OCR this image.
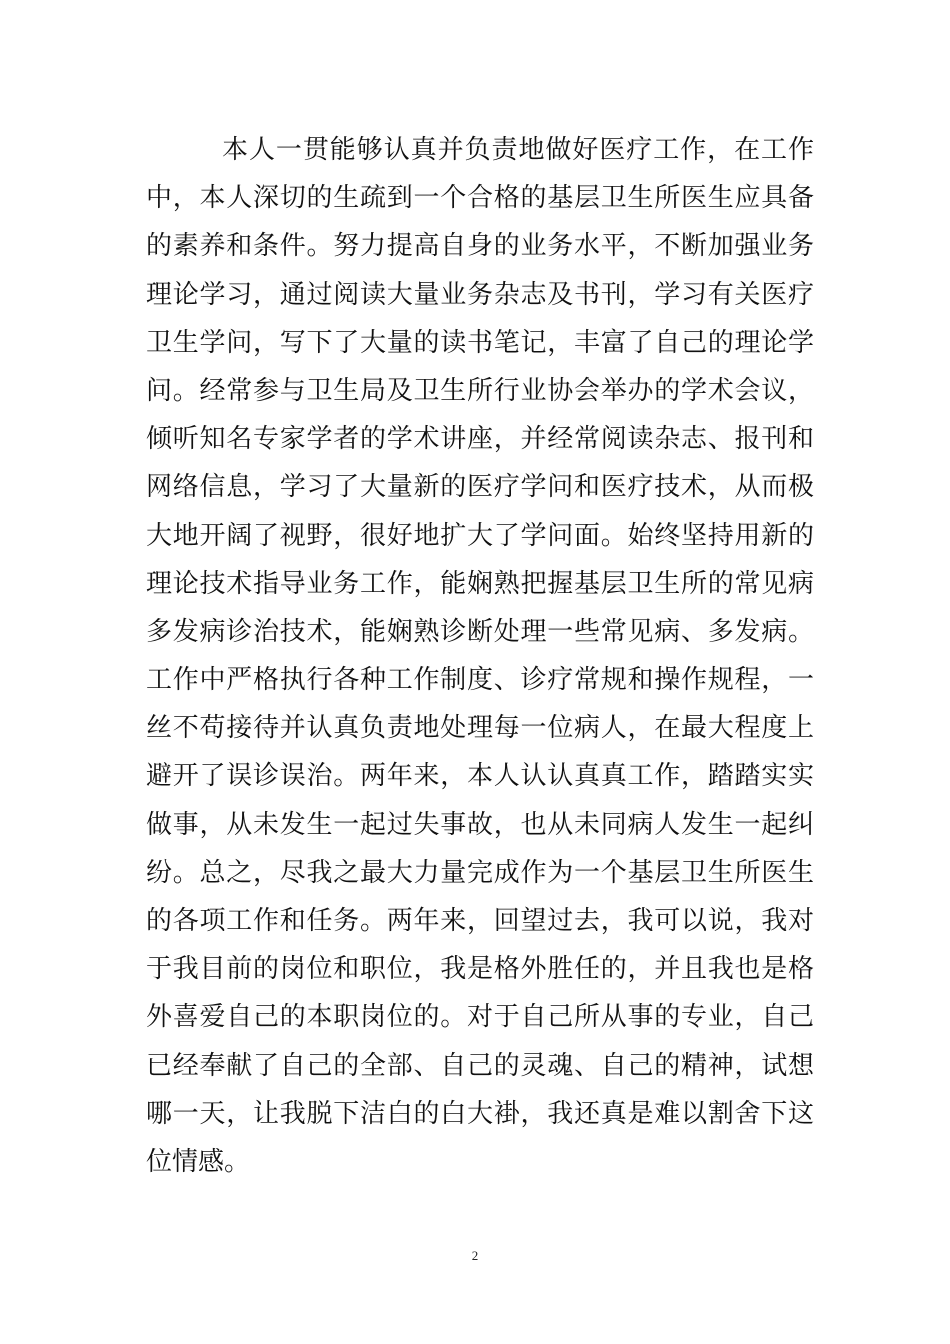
本人一贯能够认真并负责地做好医疗工作，在工作
中，本人深切的生疏到一个合格的基层卫生所医生应具备
的素养和条件。努力提高自身的业务水平，不断加强业务
理论学习，通过阅读大量业务杂志及书刊，学习有关医疗
卫生学问，写下了大量的读书笔记，丰富了自己的理论学
问。经常参与卫生局及卫生所行业协会举办的学术会议，
倾听知名专家学者的学术讲座，并经常阅读杂志、报刊和
网络信息，学习了大量新的医疗学问和医疗技术，从而极
大地开阔了视野，很好地扩大了学问面。始终坚持用新的
理论技术指导业务工作，能娴熟把握基层卫生所的常见病
多发病诊治技术，能娴熟诊断处理一些常见病、多发病。
工作中严格执行各种工作制度、诊疗常规和操作规程，一
丝不苟接待并认真负责地处理每一位病人，在最大程度上
避开了误诊误治。两年来，本人认认真真工作，踏踏实实
做事，从未发生一起过失事故，也从未同病人发生一起纠
纷。总之，尽我之最大力量完成作为一个基层卫生所医生
的各项工作和任务。两年来，回望过去，我可以说，我对
于我目前的岗位和职位，我是格外胜任的，并且我也是格
外喜爱自己的本职岗位的。对于自己所从事的专业，自己
已经奉献了自己的全部、自己的灵魂、自己的精神，试想
哪一天，让我脱下洁白的白大褂，我还真是难以割舍下这
位情感。
2
